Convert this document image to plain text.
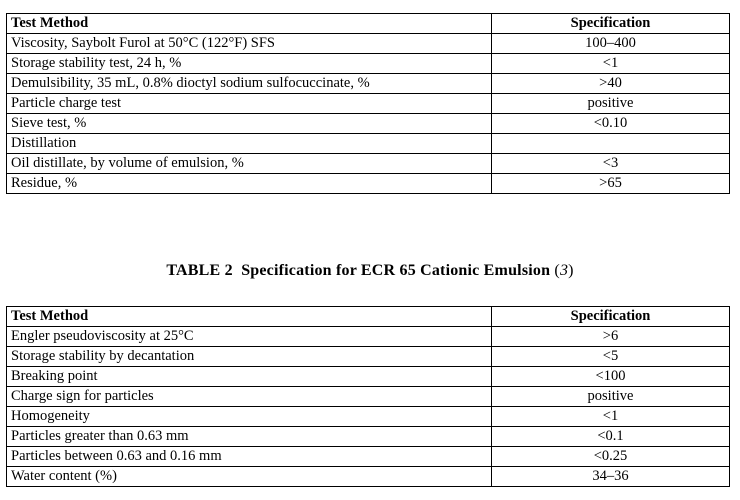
Test Method	Specification
Viscosity, Saybolt Furol at 50°C (122°F) SFS	100–400
Storage stability test, 24 h, %	<1
Demulsibility, 35 mL, 0.8% dioctyl sodium sulfocuccinate, %	>40
Particle charge test	positive
Sieve test, %	<0.10
Distillation	
Oil distillate, by volume of emulsion, %	<3
Residue, %	>65
TABLE 2 Specification for ECR 65 Cationic Emulsion (3)
Test Method	Specification
Engler pseudoviscosity at 25°C	>6
Storage stability by decantation	<5
Breaking point	<100
Charge sign for particles	positive
Homogeneity	<1
Particles greater than 0.63 mm	<0.1
Particles between 0.63 and 0.16 mm	<0.25
Water content (%)	34–36
